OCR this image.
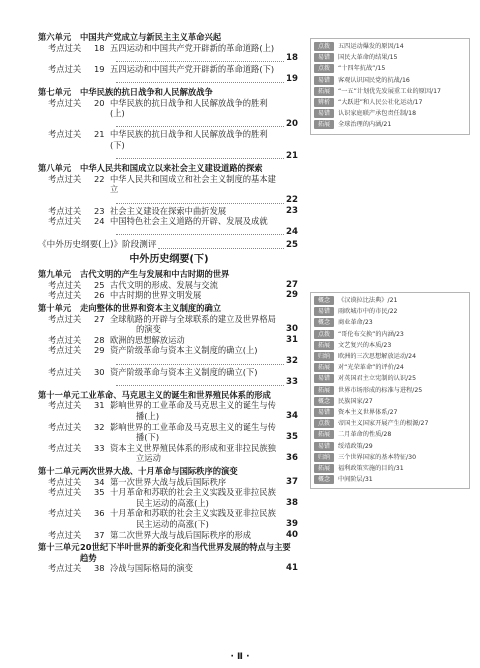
第六单元 中国共产党成立与新民主主义革命兴起
考点过关 18 五四运动和中国共产党开辟新的革命道路(上)
18
考点过关 19 五四运动和中国共产党开辟新的革命道路(下)
19
第七单元 中华民族的抗日战争和人民解放战争
考点过关 20 中华民族的抗日战争和人民解放战争的胜利(上)
20
考点过关 21 中华民族的抗日战争和人民解放战争的胜利(下)
21
第八单元 中华人民共和国成立以来社会主义建设道路的探索
考点过关 22 中华人民共和国成立和社会主义制度的基本建立
22
考点过关 23 社会主义建设在探索中曲折发展	23
考点过关 24 中国特色社会主义道路的开辟、发展及成就
24
《中外历史纲要(上)》阶段测评	25
中外历史纲要(下)
第九单元 古代文明的产生与发展和中古时期的世界
考点过关 25 古代文明的形成、发展与交流	27
考点过关 26 中古时期的世界文明发展	29
第十单元 走向整体的世界和资本主义制度的确立
考点过关 27 全球航路的开辟与全球联系的建立及世界格局
的演变	30
考点过关 28 欧洲的思想解放运动	31
考点过关 29 资产阶级革命与资本主义制度的确立(上)
32
考点过关 30 资产阶级革命与资本主义制度的确立(下)
33
第十一单元工业革命、马克思主义的诞生和世界殖民体系的形成
考点过关 31 影响世界的工业革命及马克思主义的诞生与传
播(上)	34
考点过关 32 影响世界的工业革命及马克思主义的诞生与传
播(下)	35
考点过关 33 资本主义世界殖民体系的形成和亚非拉民族独
立运动	36
第十二单元两次世界大战、十月革命与国际秩序的演变
考点过关 34 第一次世界大战与战后国际秩序	37
考点过关 35 十月革命和苏联的社会主义实践及亚非拉民族
民主运动的高涨(上)	38
考点过关 36 十月革命和苏联的社会主义实践及亚非拉民族
民主运动的高涨(下)	39
考点过关 37 第二次世界大战与战后国际秩序的形成	40
第十三单元20世纪下半叶世界的新变化和当代世界发展的特点与主要趋势
考点过关 38 冷战与国际格局的演变	41
点拨	五四运动爆发的原因/14
易错	国民大革命的结果/15
点拨	“十四年抗战”/15
易错	客观认识国民党的抗战/16
拓展	“一五”计划优先发展重工业的原因/17
辨析	“大跃进”和人民公社化运动/17
易错	认识家庭联产承包责任制/18
拓展	全球治理的内涵/21
概念	《汉谟拉比法典》/21
易错	雨欧城市中的市民/22
概念	商业革命/23
点拨	“哥伦布交换”的内涵/23
拓展	文艺复兴的本质/23
归纳	欧洲的三次思想解放运动/24
拓展	对“光荣革命”的评价/24
易错	对英国君主立宪制的认识/25
拓展	世界市场形成的标准与进程/25
概念	民族国家/27
易错	资本主义世界体系/27
点拨	帝国主义国家开展产生的根源/27
拓展	二月革命的性质/28
易错	绥靖政策/29
归纳	三个世界国家的基本特征/30
拓展	福利政策实施的目的/31
概念	中间阶层/31
· Ⅱ ·
